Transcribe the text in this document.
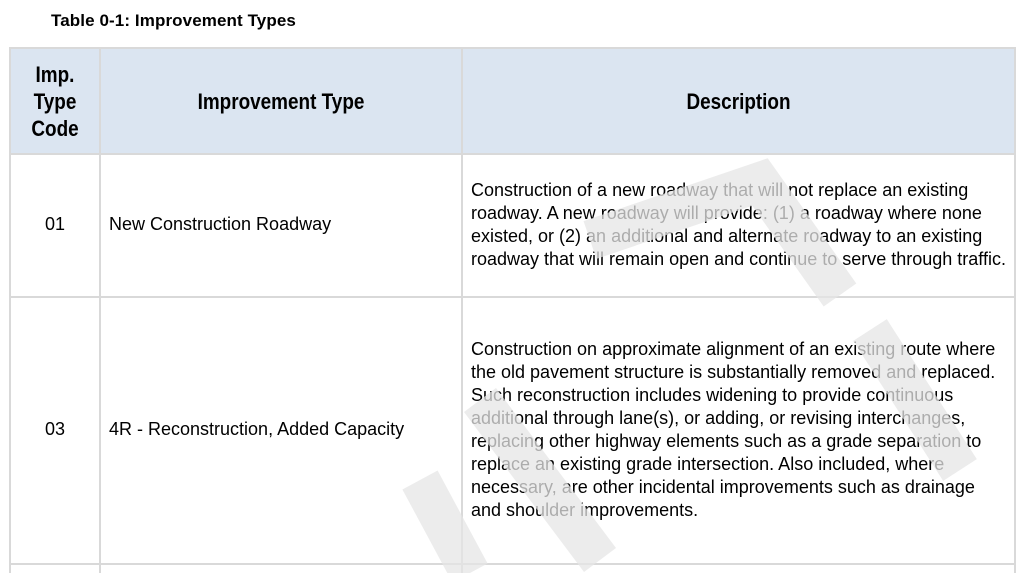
Table 0-1: Improvement Types

Imp. Type Code	Improvement Type	Description
01	New Construction Roadway	Construction of a new roadway that will not replace an existing roadway. A new roadway will provide: (1) a roadway where none existed, or (2) an additional and alternate roadway to an existing roadway that will remain open and continue to serve through traffic.
03	4R - Reconstruction, Added Capacity	Construction on approximate alignment of an existing route where the old pavement structure is substantially removed and replaced. Such reconstruction includes widening to provide continuous additional through lane(s), or adding, or revising interchanges, replacing other highway elements such as a grade separation to replace an existing grade intersection. Also included, where necessary, are other incidental improvements such as drainage and shoulder improvements.
